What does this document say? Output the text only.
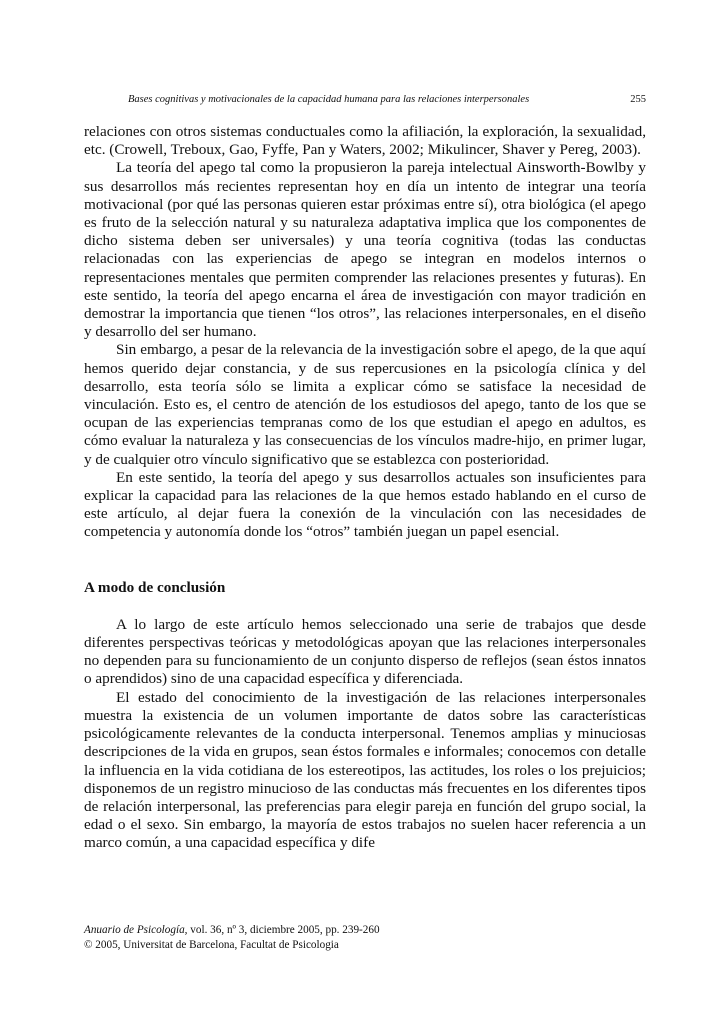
Bases cognitivas y motivacionales de la capacidad humana para las relaciones interpersonales	255

relaciones con otros sistemas conductuales como la afiliación, la exploración, la sexualidad, etc. (Crowell, Treboux, Gao, Fyffe, Pan y Waters, 2002; Mikulincer, Shaver y Pereg, 2003).

La teoría del apego tal como la propusieron la pareja intelectual Ainsworth-Bowlby y sus desarrollos más recientes representan hoy en día un intento de integrar una teoría motivacional (por qué las personas quieren estar próximas entre sí), otra biológica (el apego es fruto de la selección natural y su naturaleza adaptativa implica que los componentes de dicho sistema deben ser universales) y una teoría cognitiva (todas las conductas relacionadas con las experiencias de apego se integran en modelos internos o representaciones mentales que permiten comprender las relaciones presentes y futuras). En este sentido, la teoría del apego encarna el área de investigación con mayor tradición en demostrar la importancia que tienen “los otros”, las relaciones interpersonales, en el diseño y desarrollo del ser humano.

Sin embargo, a pesar de la relevancia de la investigación sobre el apego, de la que aquí hemos querido dejar constancia, y de sus repercusiones en la psicología clínica y del desarrollo, esta teoría sólo se limita a explicar cómo se satisface la necesidad de vinculación. Esto es, el centro de atención de los estudiosos del apego, tanto de los que se ocupan de las experiencias tempranas como de los que estudian el apego en adultos, es cómo evaluar la naturaleza y las consecuencias de los vínculos madre-hijo, en primer lugar, y de cualquier otro vínculo significativo que se establezca con posterioridad.

En este sentido, la teoría del apego y sus desarrollos actuales son insuficientes para explicar la capacidad para las relaciones de la que hemos estado hablando en el curso de este artículo, al dejar fuera la conexión de la vinculación con las necesidades de competencia y autonomía donde los “otros” también juegan un papel esencial.

A modo de conclusión

A lo largo de este artículo hemos seleccionado una serie de trabajos que desde diferentes perspectivas teóricas y metodológicas apoyan que las relaciones interpersonales no dependen para su funcionamiento de un conjunto disperso de reflejos (sean éstos innatos o aprendidos) sino de una capacidad específica y diferenciada.

El estado del conocimiento de la investigación de las relaciones interpersonales muestra la existencia de un volumen importante de datos sobre las características psicológicamente relevantes de la conducta interpersonal. Tenemos amplias y minuciosas descripciones de la vida en grupos, sean éstos formales e informales; conocemos con detalle la influencia en la vida cotidiana de los estereotipos, las actitudes, los roles o los prejuicios; disponemos de un registro minucioso de las conductas más frecuentes en los diferentes tipos de relación interpersonal, las preferencias para elegir pareja en función del grupo social, la edad o el sexo. Sin embargo, la mayoría de estos trabajos no suelen hacer referencia a un marco común, a una capacidad específica y dife

Anuario de Psicología, vol. 36, nº 3, diciembre 2005, pp. 239-260
© 2005, Universitat de Barcelona, Facultat de Psicologia
